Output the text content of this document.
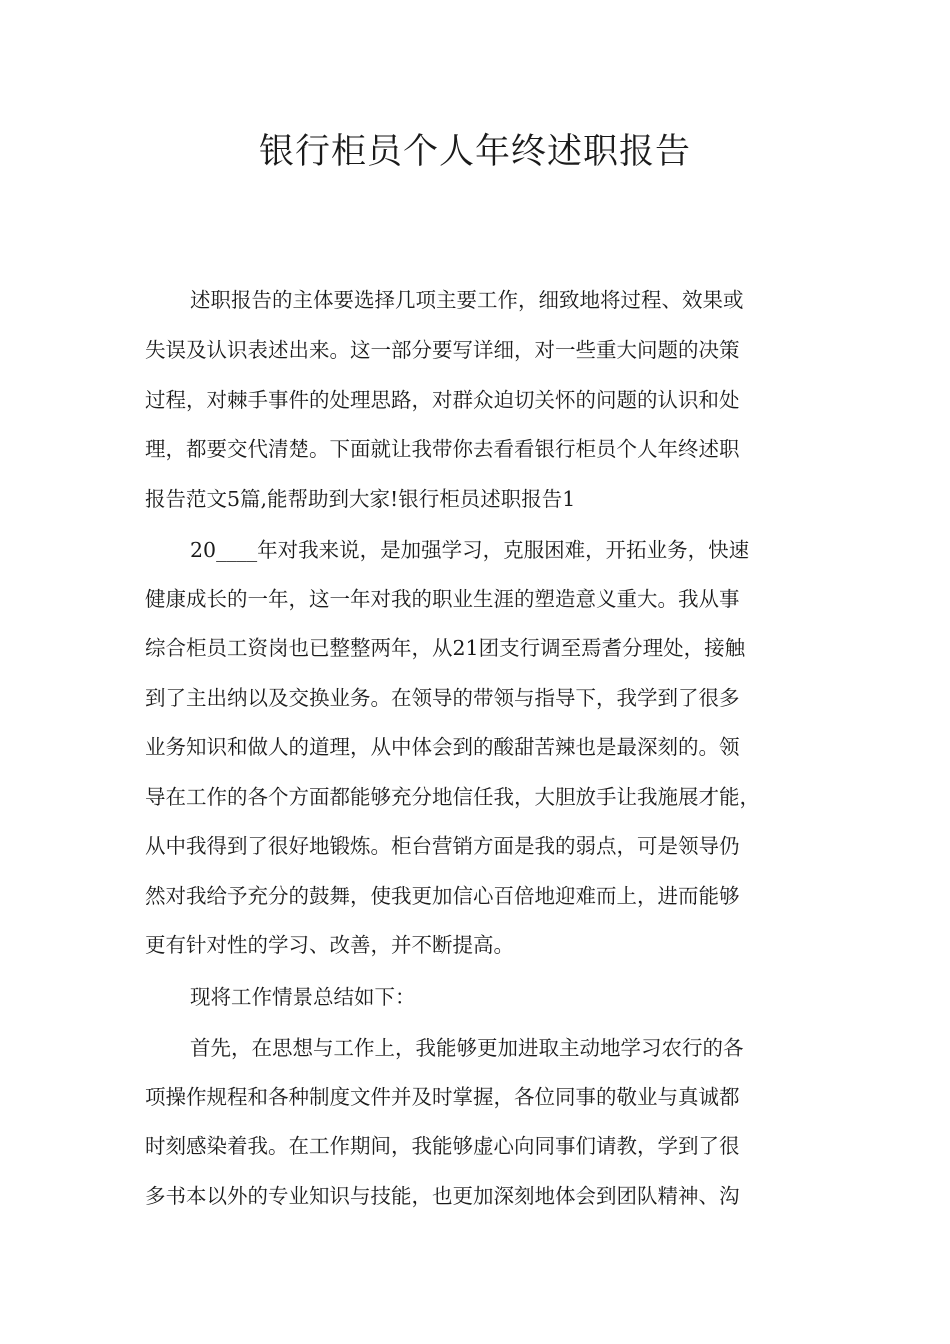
银行柜员个人年终述职报告
述职报告的主体要选择几项主要工作，细致地将过程、效果或
失误及认识表述出来。这一部分要写详细，对一些重大问题的决策
过程，对棘手事件的处理思路，对群众迫切关怀的问题的认识和处
理，都要交代清楚。下面就让我带你去看看银行柜员个人年终述职
报告范文5篇,能帮助到大家!银行柜员述职报告1
20____年对我来说，是加强学习，克服困难，开拓业务，快速
健康成长的一年，这一年对我的职业生涯的塑造意义重大。我从事
综合柜员工资岗也已整整两年，从21团支行调至焉耆分理处，接触
到了主出纳以及交换业务。在领导的带领与指导下，我学到了很多
业务知识和做人的道理，从中体会到的酸甜苦辣也是最深刻的。领
导在工作的各个方面都能够充分地信任我，大胆放手让我施展才能，
从中我得到了很好地锻炼。柜台营销方面是我的弱点，可是领导仍
然对我给予充分的鼓舞，使我更加信心百倍地迎难而上，进而能够
更有针对性的学习、改善，并不断提高。
现将工作情景总结如下：
首先，在思想与工作上，我能够更加进取主动地学习农行的各
项操作规程和各种制度文件并及时掌握，各位同事的敬业与真诚都
时刻感染着我。在工作期间，我能够虚心向同事们请教，学到了很
多书本以外的专业知识与技能，也更加深刻地体会到团队精神、沟
